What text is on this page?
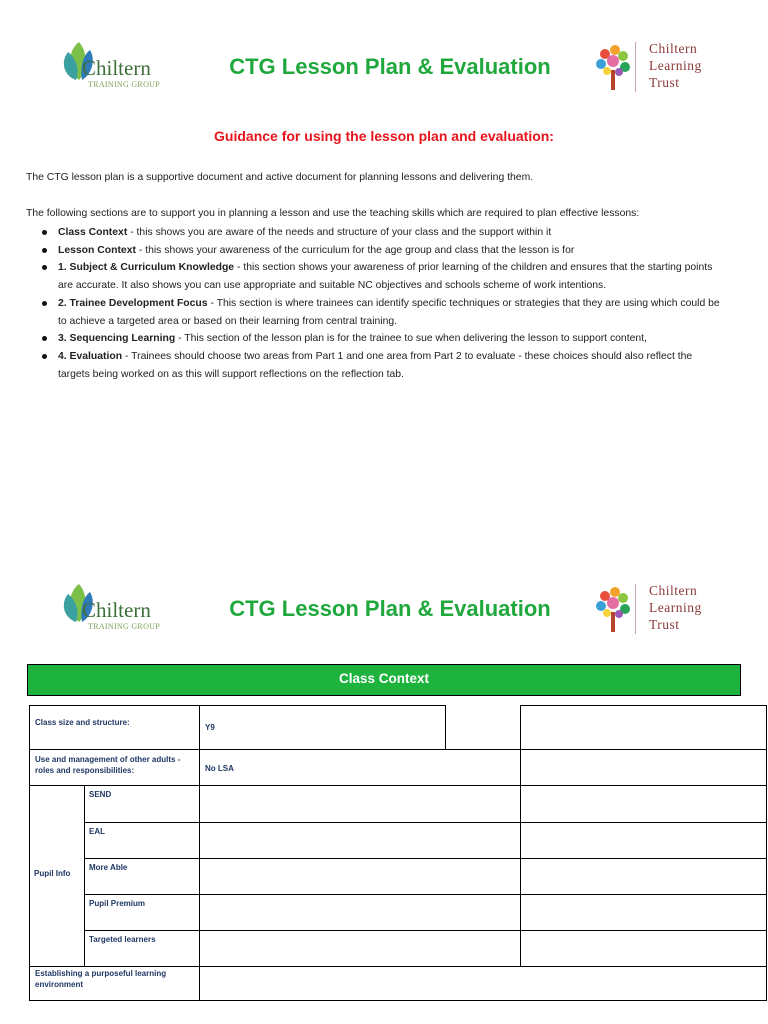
Chiltern
TRAINING GROUP
CTG Lesson Plan & Evaluation
Chiltern
Learning
Trust
Guidance for using the lesson plan and evaluation:
The CTG lesson plan is a supportive document and active document for planning lessons and delivering them.
The following sections are to support you in planning a lesson and use the teaching skills which are required to plan effective lessons:
Class Context - this shows you are aware of the needs and structure of your class and the support within it
Lesson Context - this shows your awareness of the curriculum for the age group and class that the lesson is for
1. Subject & Curriculum Knowledge - this section shows your awareness of prior learning of the children and ensures that the starting points are accurate. It also shows you can use appropriate and suitable NC objectives and schools scheme of work intentions.
2. Trainee Development Focus - This section is where trainees can identify specific techniques or strategies that they are using which could be to achieve a targeted area or based on their learning from central training.
3. Sequencing Learning - This section of the lesson plan is for the trainee to sue when delivering the lesson to support content,
4. Evaluation - Trainees should choose two areas from Part 1 and one area from Part 2 to evaluate - these choices should also reflect the targets being worked on as this will support reflections on the reflection tab.
Chiltern
TRAINING GROUP
CTG Lesson Plan & Evaluation
Chiltern
Learning
Trust
Class Context
Class size and structure:
Y9
Use and management of other adults - roles and responsibilities:	No LSA
Pupil Info
SEND
EAL
More Able
Pupil Premium
Targeted learners
Establishing a purposeful learning environment
